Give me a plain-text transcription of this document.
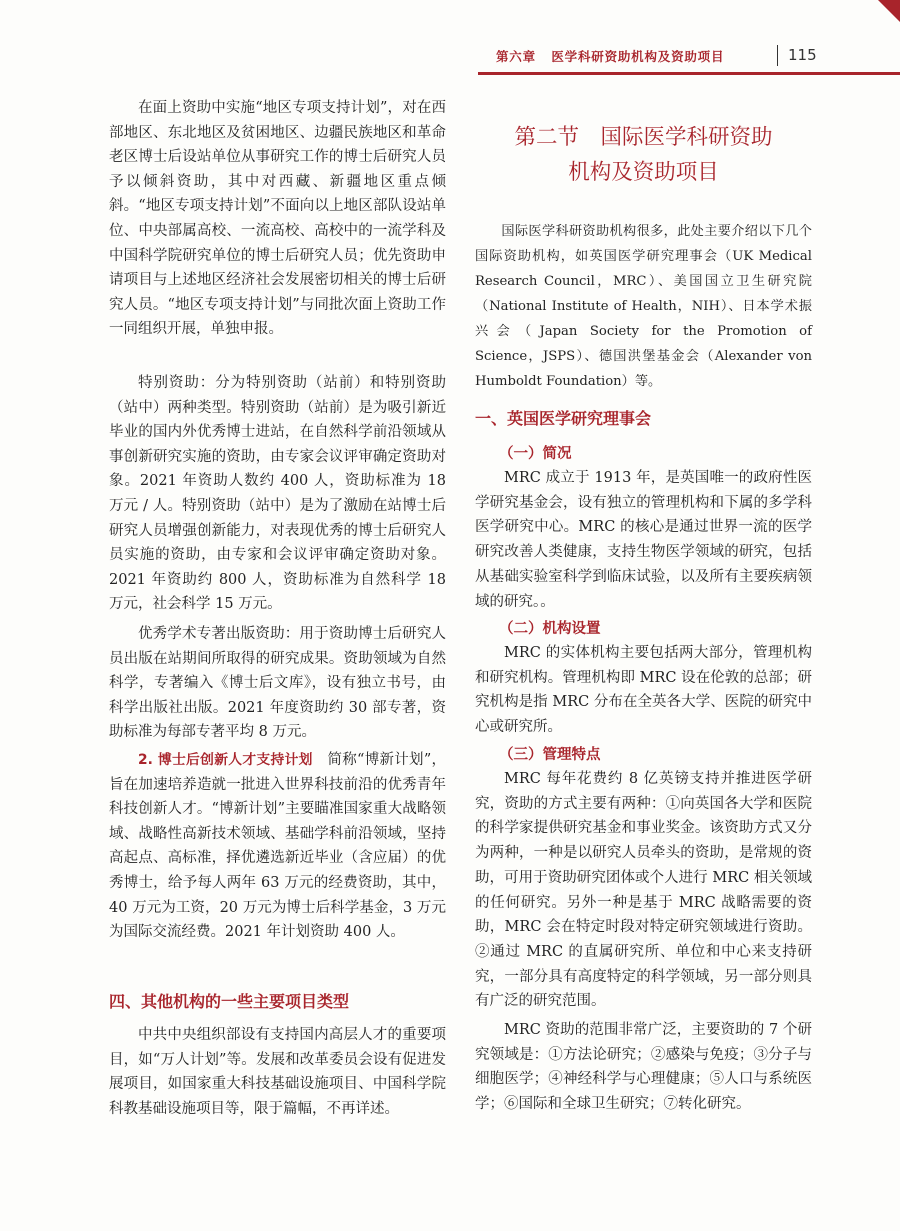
第六章 医学科研资助机构及资助项目	115

在面上资助中实施“地区专项支持计划”，对在西部地区、东北地区及贫困地区、边疆民族地区和革命老区博士后设站单位从事研究工作的博士后研究人员予以倾斜资助，其中对西藏、新疆地区重点倾斜。“地区专项支持计划”不面向以上地区部队设站单位、中央部属高校、一流高校、高校中的一流学科及中国科学院研究单位的博士后研究人员；优先资助申请项目与上述地区经济社会发展密切相关的博士后研究人员。“地区专项支持计划”与同批次面上资助工作一同组织开展，单独申报。

特别资助：分为特别资助（站前）和特别资助（站中）两种类型。特别资助（站前）是为吸引新近毕业的国内外优秀博士进站，在自然科学前沿领域从事创新研究实施的资助，由专家会议评审确定资助对象。2021 年资助人数约 400 人，资助标准为 18 万元 / 人。特别资助（站中）是为了激励在站博士后研究人员增强创新能力，对表现优秀的博士后研究人员实施的资助，由专家和会议评审确定资助对象。2021 年资助约 800 人，资助标准为自然科学 18 万元，社会科学 15 万元。

优秀学术专著出版资助：用于资助博士后研究人员出版在站期间所取得的研究成果。资助领域为自然科学，专著编入《博士后文库》，设有独立书号，由科学出版社出版。2021 年度资助约 30 部专著，资助标准为每部专著平均 8 万元。

2. 博士后创新人才支持计划　 简称“博新计划”，旨在加速培养造就一批进入世界科技前沿的优秀青年科技创新人才。“博新计划”主要瞄准国家重大战略领域、战略性高新技术领域、基础学科前沿领域，坚持高起点、高标准，择优遴选新近毕业（含应届）的优秀博士，给予每人两年 63 万元的经费资助，其中，40 万元为工资，20 万元为博士后科学基金，3 万元为国际交流经费。2021 年计划资助 400 人。

四、其他机构的一些主要项目类型

中共中央组织部设有支持国内高层人才的重要项目，如“万人计划”等。发展和改革委员会设有促进发展项目，如国家重大科技基础设施项目、中国科学院科教基础设施项目等，限于篇幅，不再详述。

第二节　国际医学科研资助
机构及资助项目

国际医学科研资助机构很多，此处主要介绍以下几个国际资助机构，如英国医学研究理事会（UK Medical Research Council，MRC）、美国国立卫生研究院（National Institute of Health，NIH）、日本学术振兴会（Japan Society for the Promotion of Science，JSPS）、德国洪堡基金会（Alexander von Humboldt Foundation）等。

一、英国医学研究理事会
（一）简况

MRC 成立于 1913 年，是英国唯一的政府性医学研究基金会，设有独立的管理机构和下属的多学科医学研究中心。MRC 的核心是通过世界一流的医学研究改善人类健康，支持生物医学领域的研究，包括从基础实验室科学到临床试验，以及所有主要疾病领域的研究。。

（二）机构设置

MRC 的实体机构主要包括两大部分，管理机构和研究机构。管理机构即 MRC 设在伦敦的总部；研究机构是指 MRC 分布在全英各大学、医院的研究中心或研究所。

（三）管理特点

MRC 每年花费约 8 亿英镑支持并推进医学研究，资助的方式主要有两种：①向英国各大学和医院的科学家提供研究基金和事业奖金。该资助方式又分为两种，一种是以研究人员牵头的资助，是常规的资助，可用于资助研究团体或个人进行 MRC 相关领域的任何研究。另外一种是基于 MRC 战略需要的资助，MRC 会在特定时段对特定研究领域进行资助。②通过 MRC 的直属研究所、单位和中心来支持研究，一部分具有高度特定的科学领域，另一部分则具有广泛的研究范围。

MRC 资助的范围非常广泛，主要资助的 7 个研究领域是：①方法论研究；②感染与免疫；③分子与细胞医学；④神经科学与心理健康；⑤人口与系统医学；⑥国际和全球卫生研究；⑦转化研究。
